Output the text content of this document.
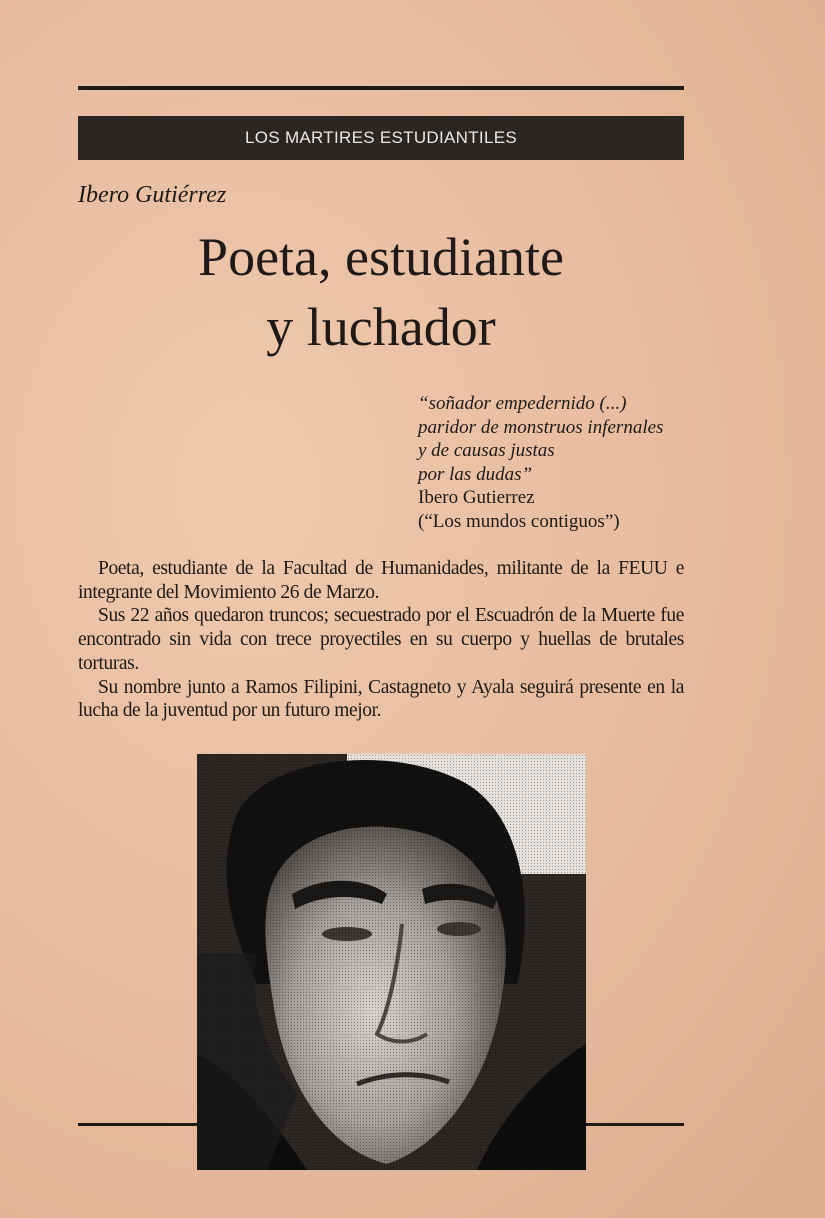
LOS MARTIRES ESTUDIANTILES
Ibero Gutiérrez
Poeta, estudiante
y luchador
“soñador empedernido (...)
paridor de monstruos infernales
y de causas justas
por las dudas”
Ibero Gutierrez
(“Los mundos contiguos”)

Poeta, estudiante de la Facultad de Humanidades, militante de la FEUU e integrante del Movimiento 26 de Marzo.

Sus 22 años quedaron truncos; secuestrado por el Escuadrón de la Muerte fue encontrado sin vida con trece proyectiles en su cuerpo y huellas de brutales torturas.

Su nombre junto a Ramos Filipini, Castagneto y Ayala seguirá presente en la lucha de la juventud por un futuro mejor.
